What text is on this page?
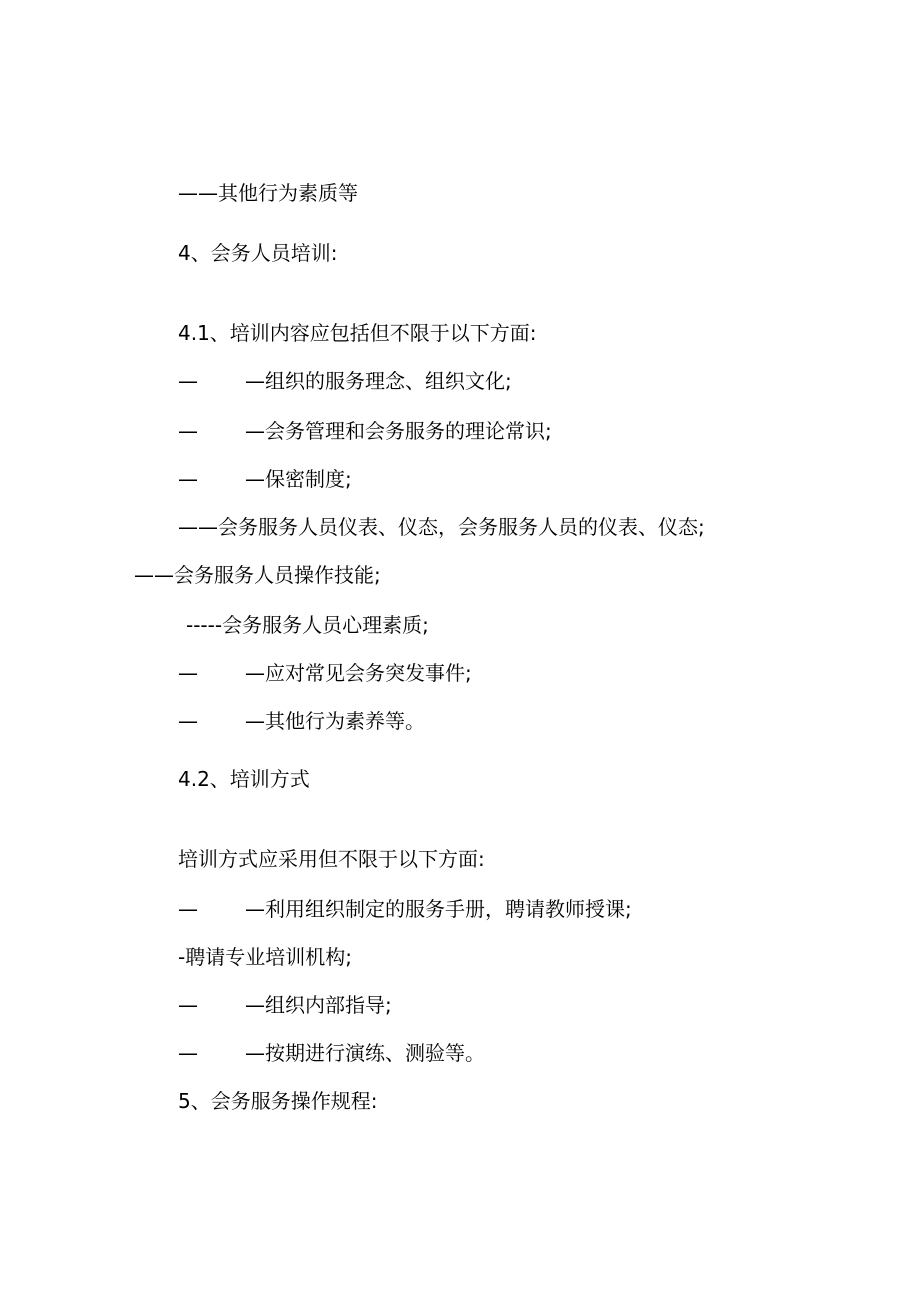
——其他行为素质等
4、会务人员培训:
4.1、培训内容应包括但不限于以下方面:
— —组织的服务理念、组织文化;
— —会务管理和会务服务的理论常识;
— —保密制度;
——会务服务人员仪表、仪态，会务服务人员的仪表、仪态;
——会务服务人员操作技能;
-----会务服务人员心理素质;
— —应对常见会务突发事件;
— —其他行为素养等。
4.2、培训方式
培训方式应采用但不限于以下方面:
— —利用组织制定的服务手册，聘请教师授课;
-聘请专业培训机构;
— —组织内部指导;
— —按期进行演练、测验等。
5、会务服务操作规程:
